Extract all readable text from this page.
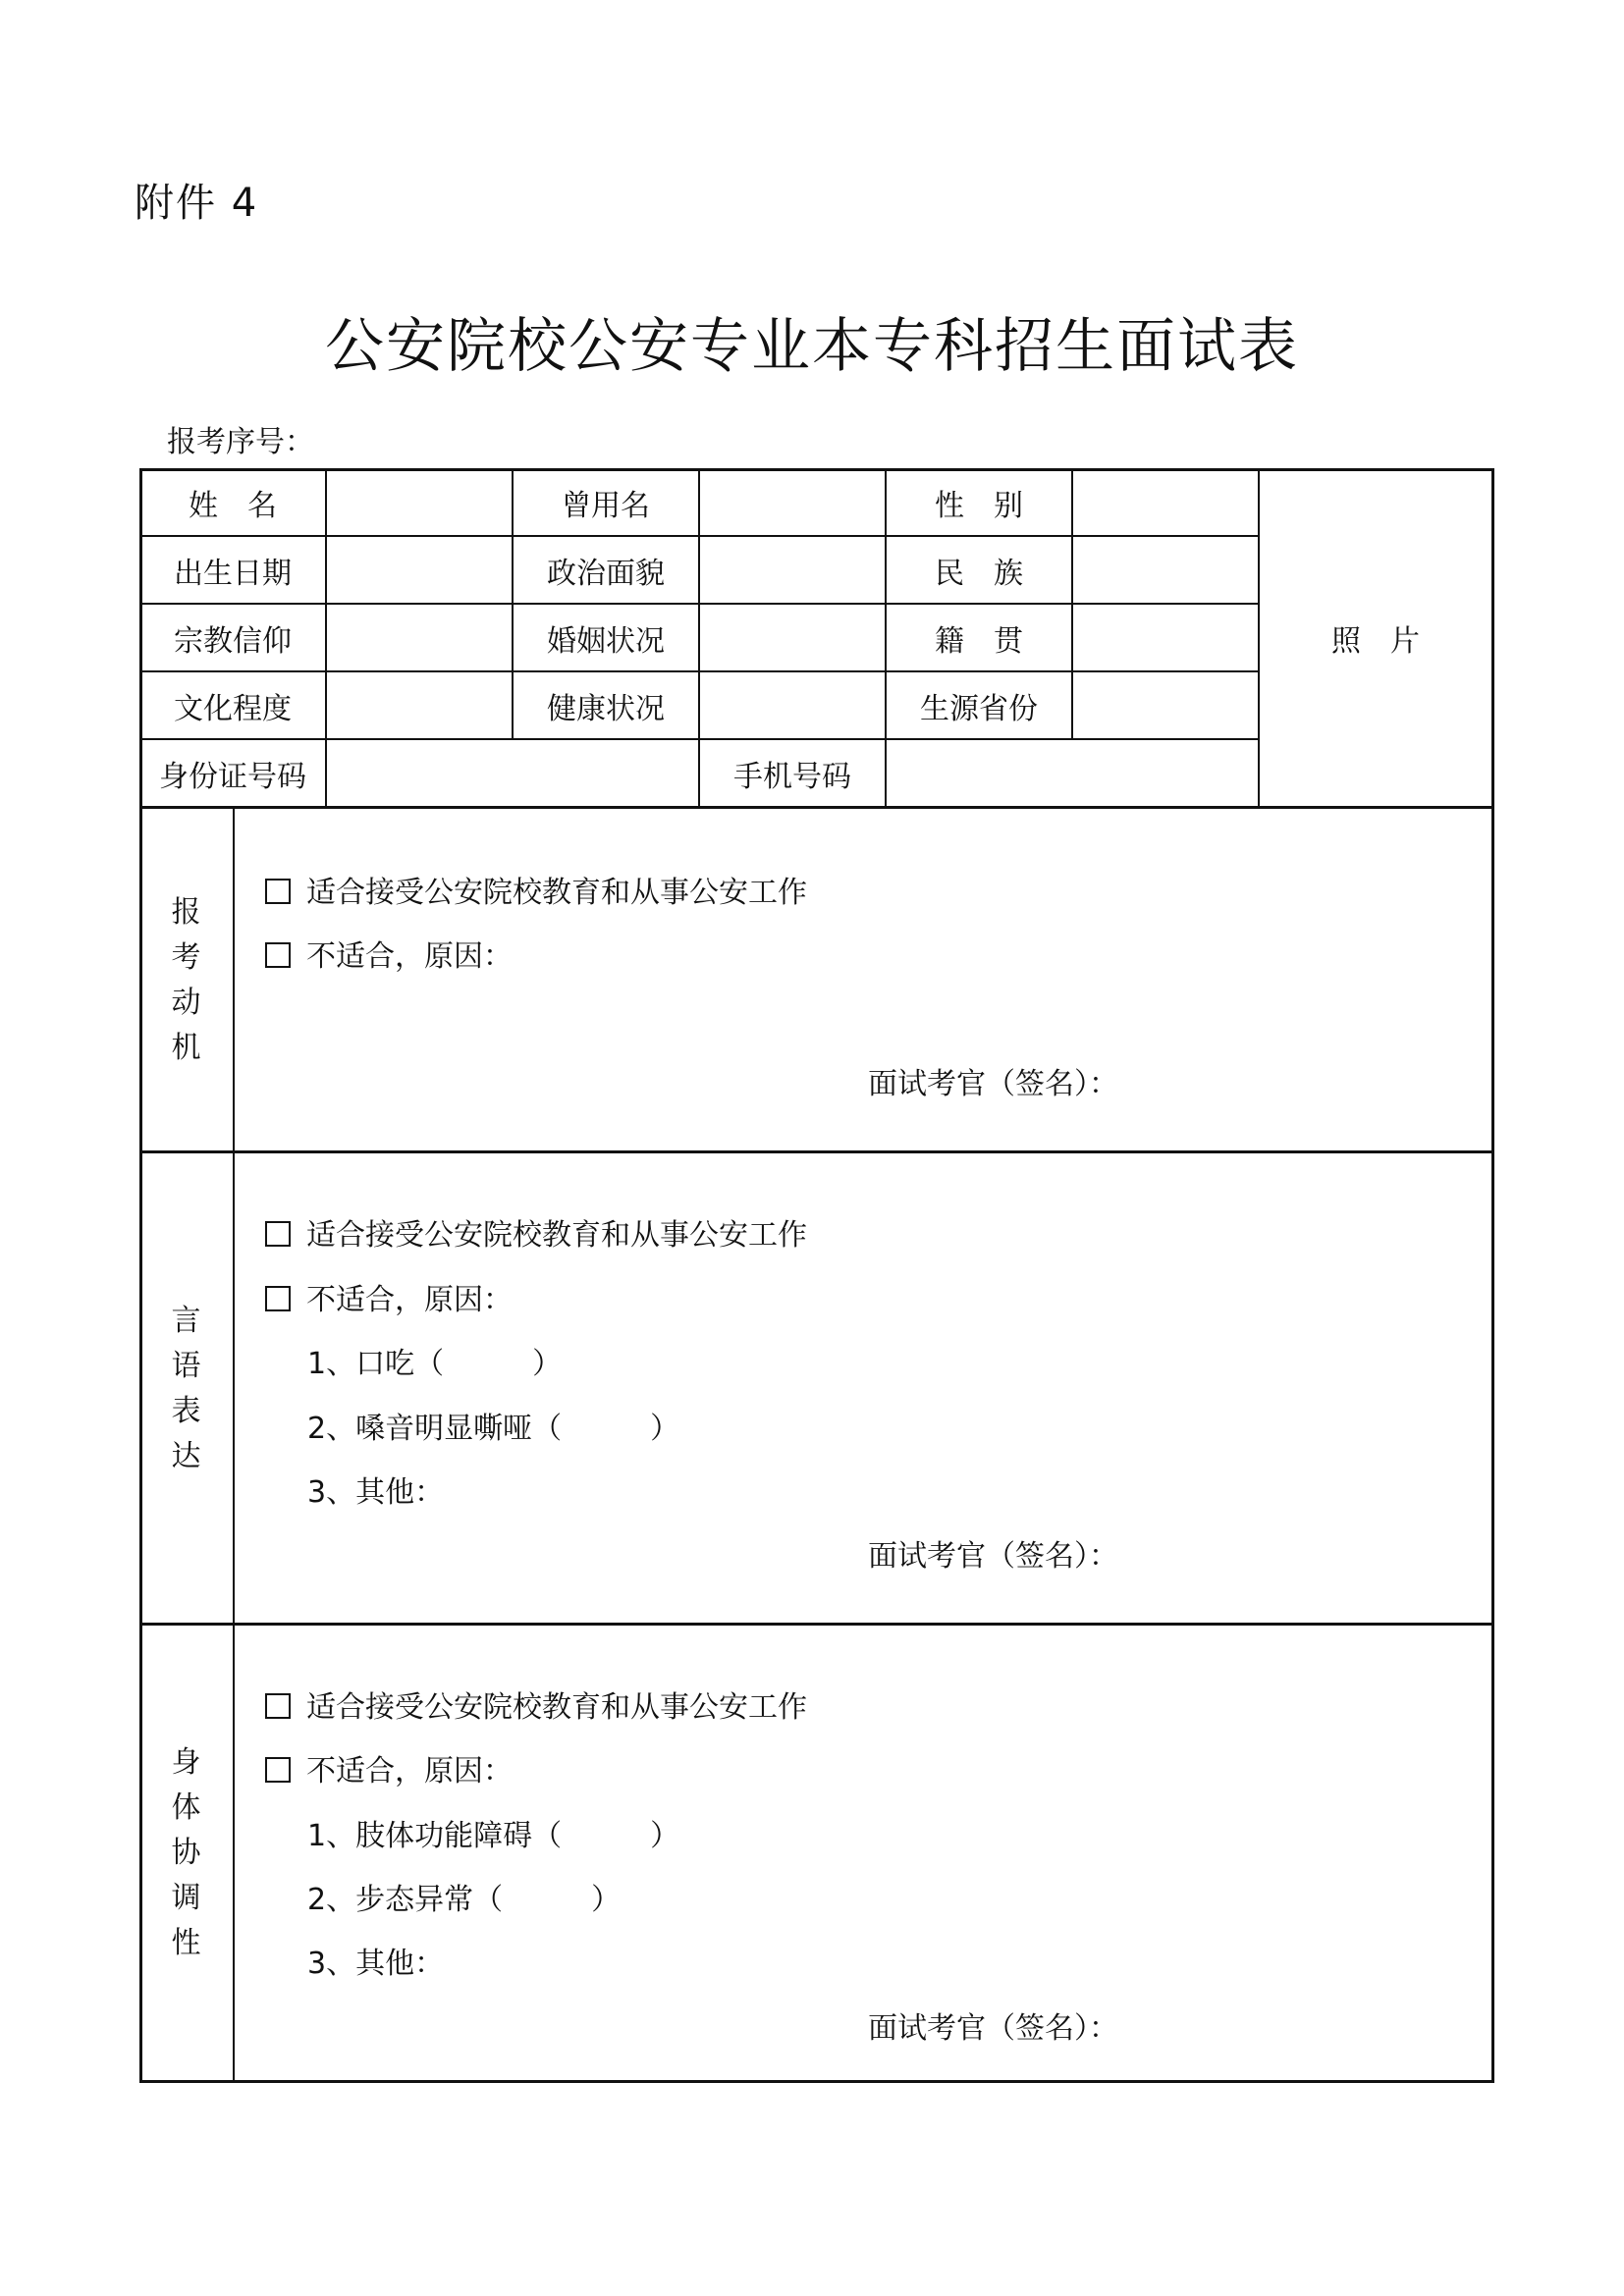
附件 4
公安院校公安专业本专科招生面试表
报考序号：
姓　名	曾用名	性　别
出生日期	政治面貌	民　族
宗教信仰	婚姻状况	籍　贯
文化程度	健康状况	生源省份
身份证号码	手机号码
照　片
报
考
动
机
适合接受公安院校教育和从事公安工作
不适合，原因：
面试考官（签名）：
言
语
表
达
适合接受公安院校教育和从事公安工作
不适合，原因：
1、口吃（　　　）
2、嗓音明显嘶哑（　　　）
3、其他：
面试考官（签名）：
身
体
协
调
性
适合接受公安院校教育和从事公安工作
不适合，原因：
1、肢体功能障碍（　　　）
2、步态异常（　　　）
3、其他：
面试考官（签名）：
